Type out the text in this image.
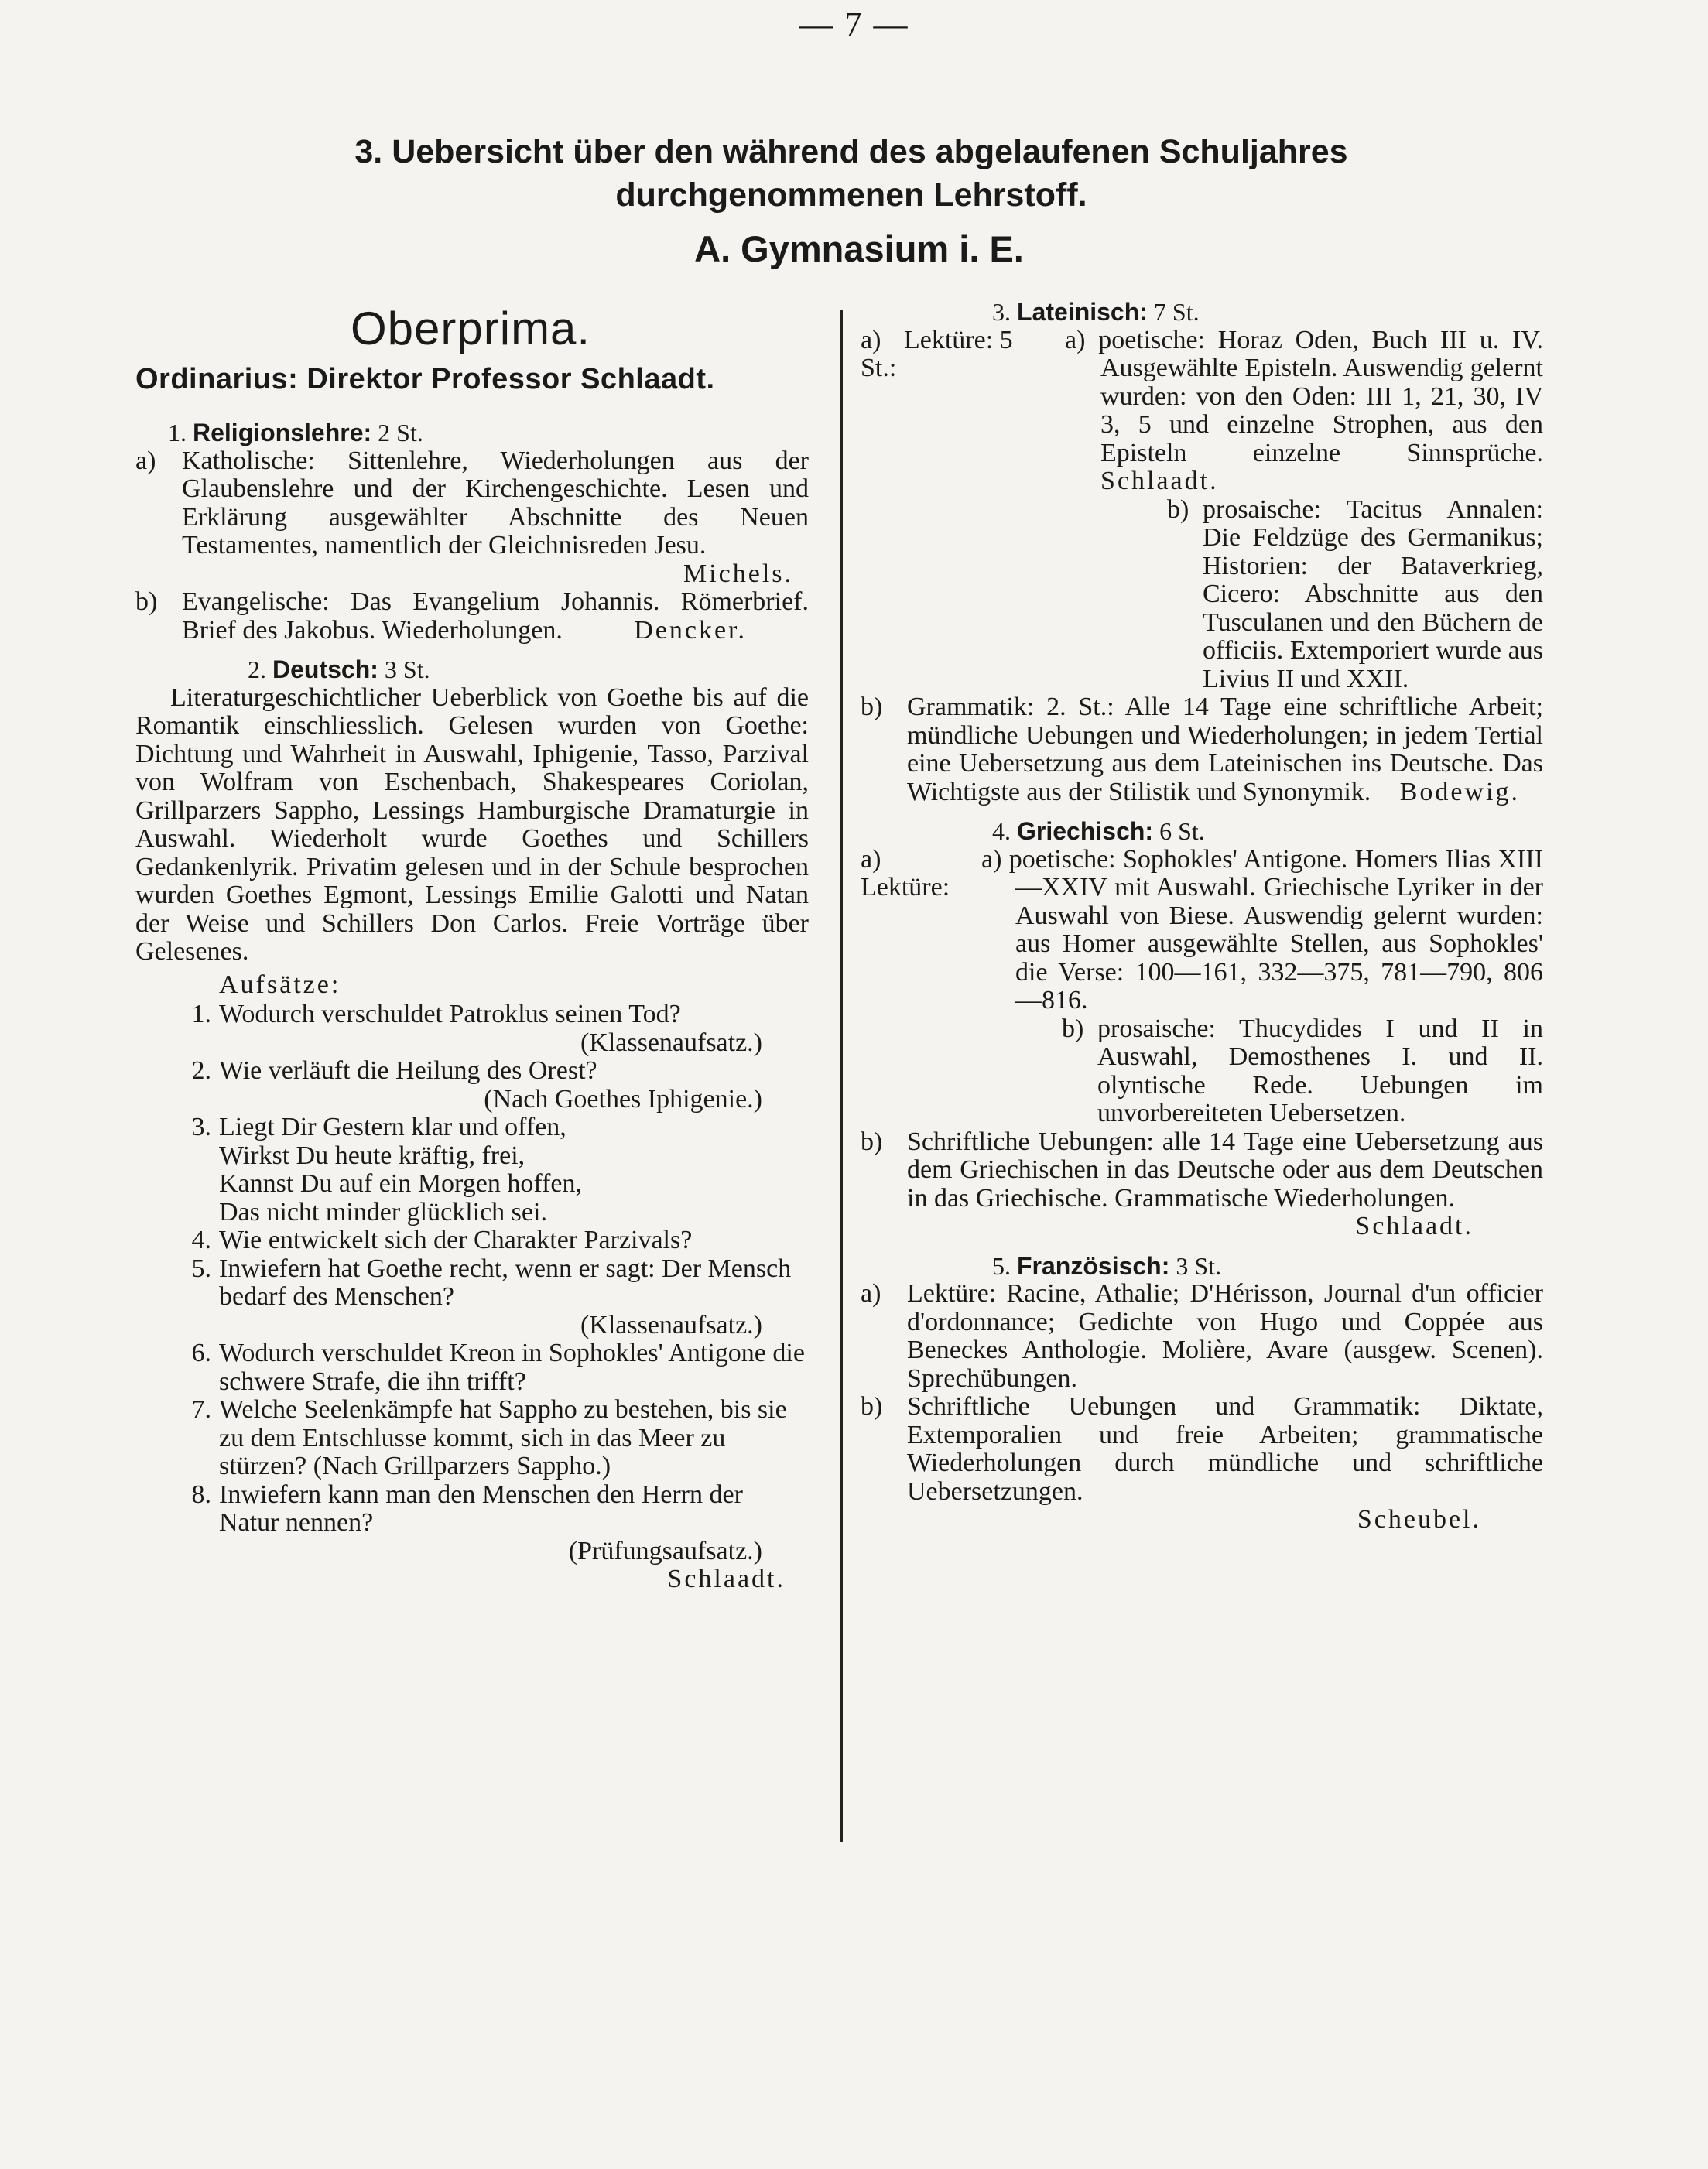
— 7 —
3. Uebersicht über den während des abgelaufenen Schuljahres
durchgenommenen Lehrstoff.
A. Gymnasium i. E.
Oberprima.
Ordinarius: Direktor Professor Schlaadt.
1. Religionslehre: 2 St.
a) Katholische: Sittenlehre, Wiederholungen aus der Glaubenslehre und der Kirchengeschichte. Lesen und Erklärung ausgewählter Abschnitte des Neuen Testamentes, namentlich der Gleichnisreden Jesu.
Michels.
b) Evangelische: Das Evangelium Johannis. Römerbrief. Brief des Jakobus. Wiederholungen.	Dencker.
2. Deutsch: 3 St.

Literaturgeschichtlicher Ueberblick von Goethe bis auf die Romantik einschliesslich. Gelesen wurden von Goethe: Dichtung und Wahrheit in Auswahl, Iphigenie, Tasso, Parzival von Wolfram von Eschenbach, Shakespeares Coriolan, Grillparzers Sappho, Lessings Hamburgische Dramaturgie in Auswahl. Wiederholt wurde Goethes und Schillers Gedankenlyrik. Privatim gelesen und in der Schule besprochen wurden Goethes Egmont, Lessings Emilie Galotti und Natan der Weise und Schillers Don Carlos. Freie Vorträge über Gelesenes.

Aufsätze:
1. Wodurch verschuldet Patroklus seinen Tod?
(Klassenaufsatz.)
2. Wie verläuft die Heilung des Orest?
(Nach Goethes Iphigenie.)
3. Liegt Dir Gestern klar und offen,
Wirkst Du heute kräftig, frei,
Kannst Du auf ein Morgen hoffen,
Das nicht minder glücklich sei.
4. Wie entwickelt sich der Charakter Parzivals?
5. Inwiefern hat Goethe recht, wenn er sagt: Der Mensch bedarf des Menschen?
(Klassenaufsatz.)
6. Wodurch verschuldet Kreon in Sophokles' Antigone die schwere Strafe, die ihn trifft?
7. Welche Seelenkämpfe hat Sappho zu bestehen, bis sie zu dem Entschlusse kommt, sich in das Meer zu stürzen? (Nach Grillparzers Sappho.)
8. Inwiefern kann man den Menschen den Herrn der Natur nennen?
(Prüfungsaufsatz.)
Schlaadt.
3. Lateinisch: 7 St.
a) Lektüre: 5 St.:
a) poetische: Horaz Oden, Buch III u. IV. Ausgewählte Episteln. Auswendig gelernt wurden: von den Oden: III 1, 21, 30, IV 3, 5 und einzelne Strophen, aus den Episteln einzelne Sinnsprüche. Schlaadt.
b) prosaische: Tacitus Annalen: Die Feldzüge des Germanikus; Historien: der Bataverkrieg, Cicero: Abschnitte aus den Tusculanen und den Büchern de officiis. Extemporiert wurde aus Livius II und XXII.
b) Grammatik: 2. St.: Alle 14 Tage eine schriftliche Arbeit; mündliche Uebungen und Wiederholungen; in jedem Tertial eine Uebersetzung aus dem Lateinischen ins Deutsche. Das Wichtigste aus der Stilistik und Synonymik.	Bodewig.
4. Griechisch: 6 St.
a)Lektüre:
a) poetische: Sophokles' Antigone. Homers Ilias XIII—XXIV mit Auswahl. Griechische Lyriker in der Auswahl von Biese. Auswendig gelernt wurden: aus Homer ausgewählte Stellen, aus Sophokles' die Verse: 100—161, 332—375, 781—790, 806—816.
b) prosaische: Thucydides I und II in Auswahl, Demosthenes I. und II. olyntische Rede. Uebungen im unvorbereiteten Uebersetzen.
b) Schriftliche Uebungen: alle 14 Tage eine Uebersetzung aus dem Griechischen in das Deutsche oder aus dem Deutschen in das Griechische. Grammatische Wiederholungen.
Schlaadt.
5. Französisch: 3 St.
a) Lektüre: Racine, Athalie; D'Hérisson, Journal d'un officier d'ordonnance; Gedichte von Hugo und Coppée aus Beneckes Anthologie. Molière, Avare (ausgew. Scenen). Sprechübungen.
b) Schriftliche Uebungen und Grammatik: Diktate, Extemporalien und freie Arbeiten; grammatische Wiederholungen durch mündliche und schriftliche Uebersetzungen.
Scheubel.
